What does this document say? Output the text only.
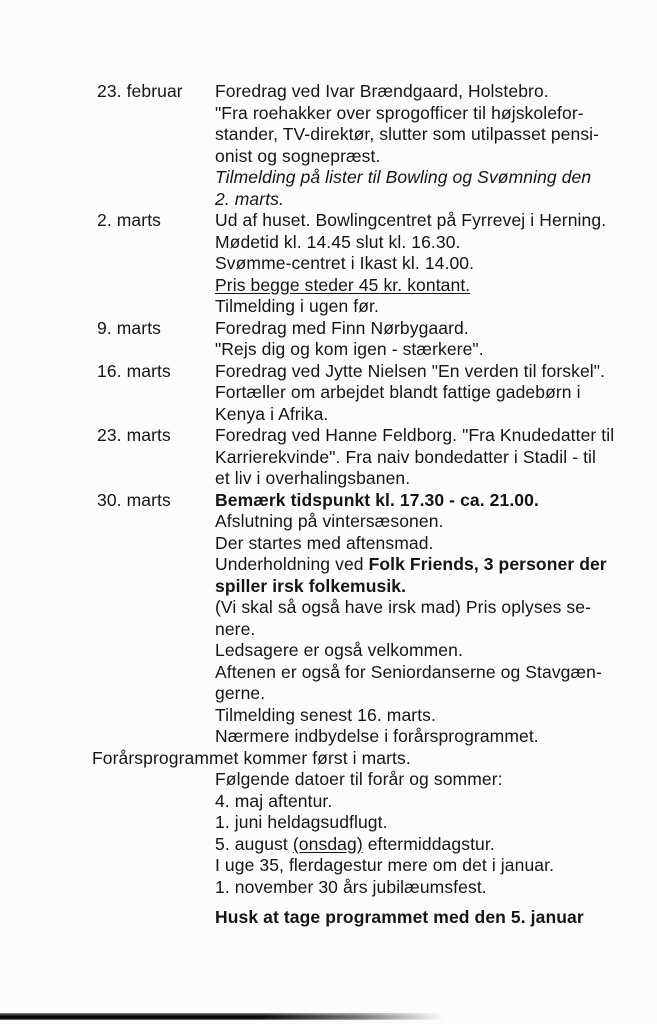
23. februar	Foredrag ved Ivar Brændgaard, Holstebro.
"Fra roehakker over sprogofficer til højskolefor-
stander, TV-direktør, slutter som utilpasset pensi-
onist og sognepræst.
Tilmelding på lister til Bowling og Svømning den
2. marts.
2. marts	Ud af huset. Bowlingcentret på Fyrrevej i Herning.
Mødetid kl. 14.45 slut kl. 16.30.
Svømme-centret i Ikast kl. 14.00.
Pris begge steder 45 kr. kontant.
Tilmelding i ugen før.
9. marts	Foredrag med Finn Nørbygaard.
"Rejs dig og kom igen - stærkere".
16. marts	Foredrag ved Jytte Nielsen "En verden til forskel".
Fortæller om arbejdet blandt fattige gadebørn i
Kenya i Afrika.
23. marts	Foredrag ved Hanne Feldborg. "Fra Knudedatter til
Karrierekvinde". Fra naiv bondedatter i Stadil - til
et liv i overhalingsbanen.
30. marts	Bemærk tidspunkt kl. 17.30 - ca. 21.00.
Afslutning på vintersæsonen.
Der startes med aftensmad.
Underholdning ved Folk Friends, 3 personer der
spiller irsk folkemusik.
(Vi skal så også have irsk mad) Pris oplyses se-
nere.
Ledsagere er også velkommen.
Aftenen er også for Seniordanserne og Stavgæn-
gerne.
Tilmelding senest 16. marts.
Nærmere indbydelse i forårsprogrammet.
Forårsprogrammet kommer først i marts.
Følgende datoer til forår og sommer:
4. maj aftentur.
1. juni heldagsudflugt.
5. august (onsdag) eftermiddagstur.
I uge 35, flerdagestur mere om det i januar.
1. november 30 års jubilæumsfest.
Husk at tage programmet med den 5. januar
